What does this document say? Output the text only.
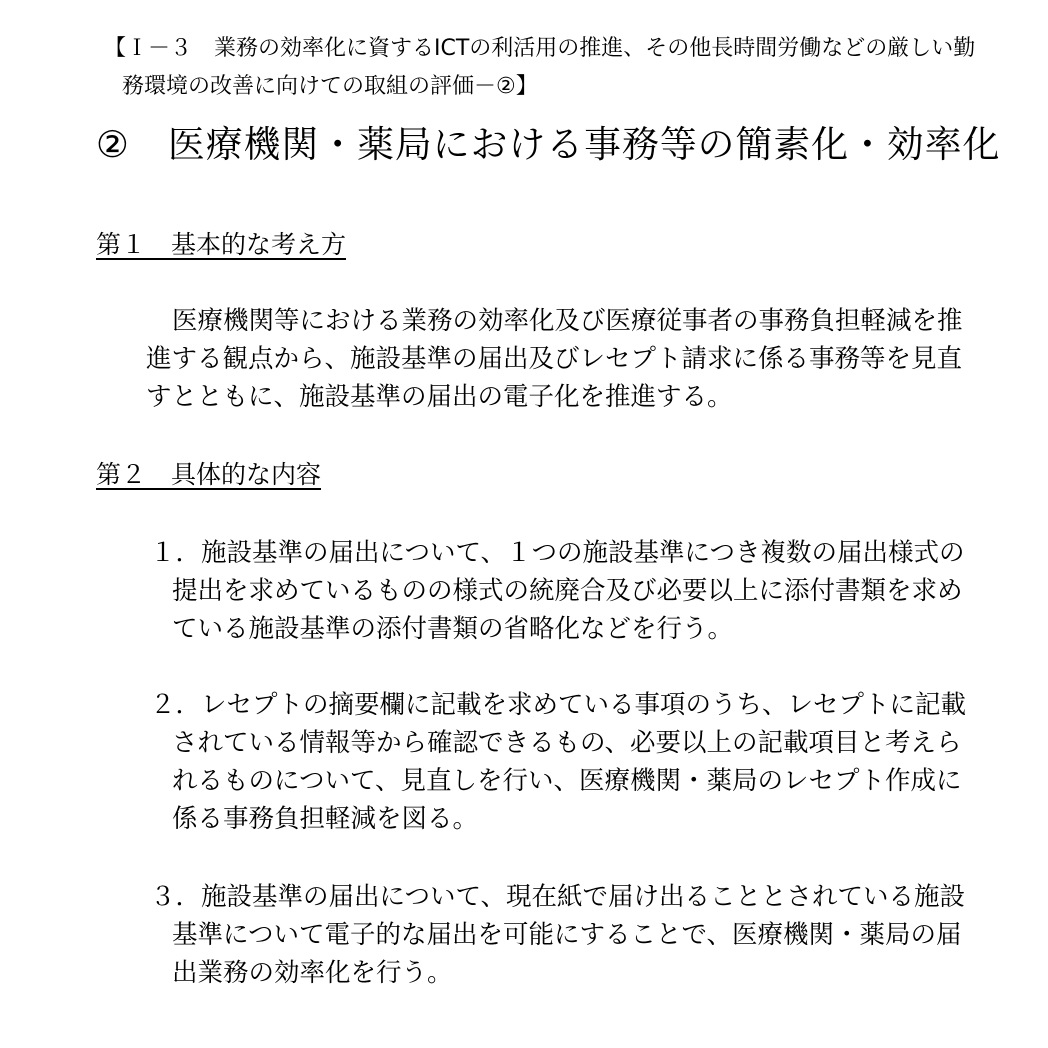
【Ｉ－３　業務の効率化に資するICTの利活用の推進、その他長時間労働などの厳しい勤
務環境の改善に向けての取組の評価－②】
②　医療機関・薬局における事務等の簡素化・効率化
第１　基本的な考え方
医療機関等における業務の効率化及び医療従事者の事務負担軽減を推
進する観点から、施設基準の届出及びレセプト請求に係る事務等を見直
すとともに、施設基準の届出の電子化を推進する。
第２　具体的な内容
１．施設基準の届出について、１つの施設基準につき複数の届出様式の
提出を求めているものの様式の統廃合及び必要以上に添付書類を求め
ている施設基準の添付書類の省略化などを行う。
２．レセプトの摘要欄に記載を求めている事項のうち、レセプトに記載
されている情報等から確認できるもの、必要以上の記載項目と考えら
れるものについて、見直しを行い、医療機関・薬局のレセプト作成に
係る事務負担軽減を図る。
３．施設基準の届出について、現在紙で届け出ることとされている施設
基準について電子的な届出を可能にすることで、医療機関・薬局の届
出業務の効率化を行う。
